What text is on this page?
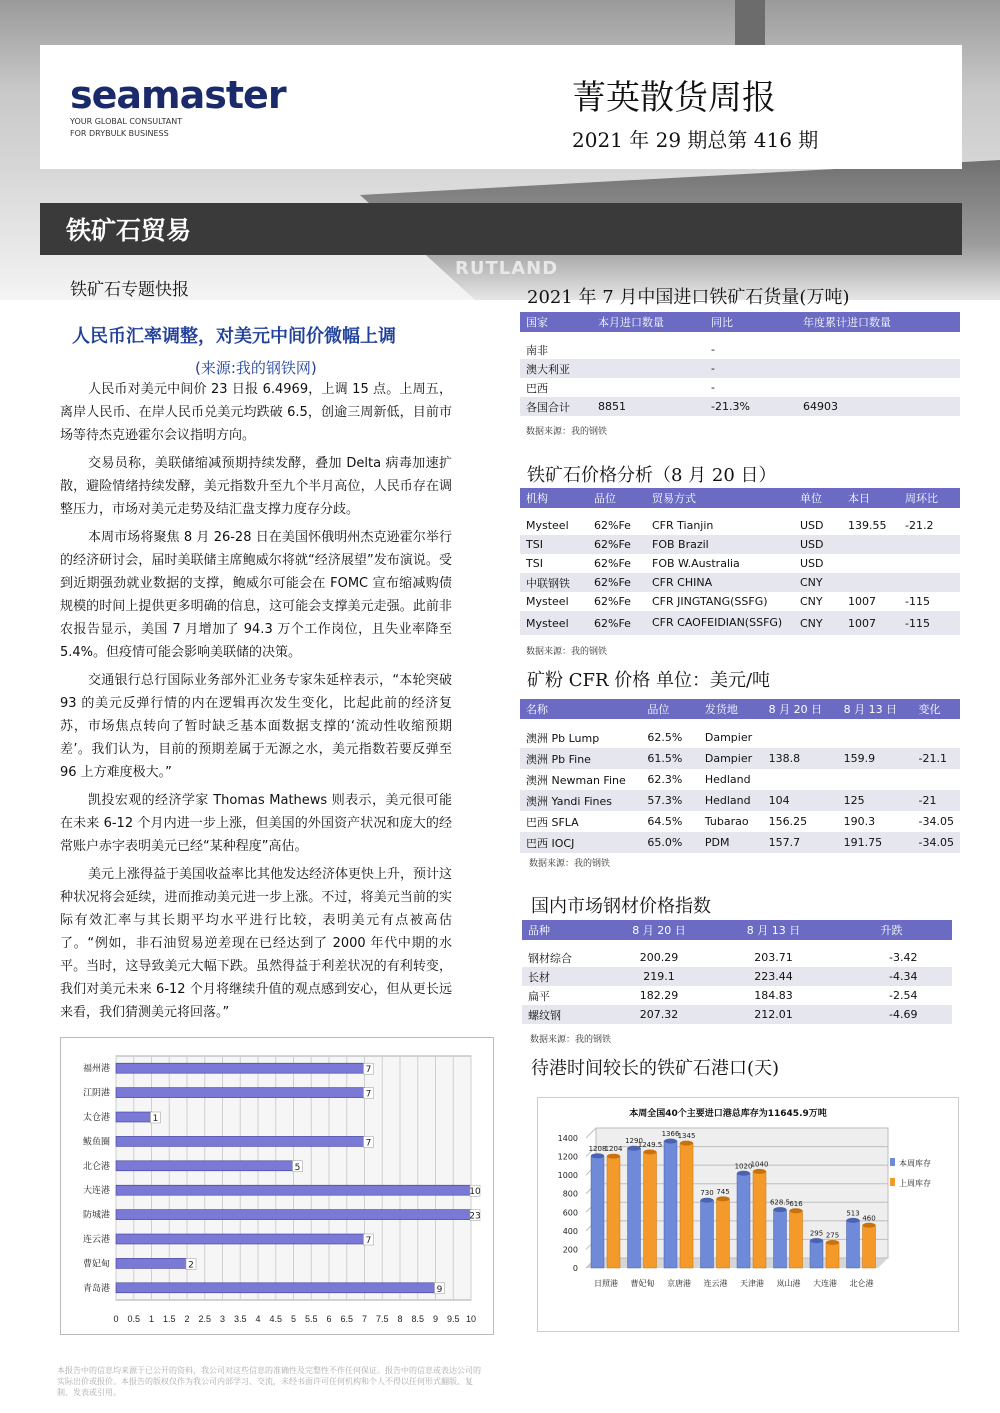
RUTLAND
seamaster
YOUR GLOBAL CONSULTANT
FOR DRYBULK BUSINESS
菁英散货周报
2021 年 29 期总第 416 期
铁矿石贸易
铁矿石专题快报
人民币汇率调整，对美元中间价微幅上调
(来源:我的钢铁网)

人民币对美元中间价 23 日报 6.4969，上调 15 点。上周五，离岸人民币、在岸人民币兑美元均跌破 6.5，创逾三周新低，目前市场等待杰克逊霍尔会议指明方向。

交易员称，美联储缩减预期持续发酵，叠加 Delta 病毒加速扩散，避险情绪持续发酵，美元指数升至九个半月高位，人民币存在调整压力，市场对美元走势及结汇盘支撑力度存分歧。

本周市场将聚焦 8 月 26-28 日在美国怀俄明州杰克逊霍尔举行的经济研讨会，届时美联储主席鲍威尔将就“经济展望”发布演说。受到近期强劲就业数据的支撑，鲍威尔可能会在 FOMC 宣布缩减购债规模的时间上提供更多明确的信息，这可能会支撑美元走强。此前非农报告显示，美国 7 月增加了 94.3 万个工作岗位，且失业率降至 5.4%。但疫情可能会影响美联储的决策。

交通银行总行国际业务部外汇业务专家朱延梓表示，“本轮突破 93 的美元反弹行情的内在逻辑再次发生变化，比起此前的经济复苏，市场焦点转向了暂时缺乏基本面数据支撑的‘流动性收缩预期差’。我们认为，目前的预期差属于无源之水，美元指数若要反弹至 96 上方难度极大。”

凯投宏观的经济学家 Thomas Mathews 则表示，美元很可能在未来 6-12 个月内进一步上涨，但美国的外国资产状况和庞大的经常账户赤字表明美元已经“某种程度”高估。

美元上涨得益于美国收益率比其他发达经济体更快上升，预计这种状况将会延续，进而推动美元进一步上涨。不过，将美元当前的实际有效汇率与其长期平均水平进行比较，表明美元有点被高估了。“例如，非石油贸易逆差现在已经达到了 2000 年代中期的水平。当时，这导致美元大幅下跌。虽然得益于利差状况的有利转变，我们对美元未来 6-12 个月将继续升值的观点感到安心，但从更长远来看，我们猜测美元将回落。”

2021 年 7 月中国进口铁矿石货量(万吨)
国家	本月进口数量	同比	年度累计进口数量

南非		-	
澳大利亚		-	
巴西		-	
各国合计	8851	-21.3%	64903
数据来源：我的钢铁
铁矿石价格分析（8 月 20 日）
机构	品位	贸易方式	单位	本日	周环比

Mysteel	62%Fe	CFR Tianjin	USD	139.55	-21.2
TSI	62%Fe	FOB Brazil	USD		
TSI	62%Fe	FOB W.Australia	USD		
中联钢铁	62%Fe	CFR CHINA	CNY		
Mysteel	62%Fe	CFR JINGTANG(SSFG)	CNY	1007	-115
Mysteel	62%Fe	CFR CAOFEIDIAN(SSFG)	CNY	1007	-115
数据来源：我的钢铁
矿粉 CFR 价格 单位：美元/吨
名称	品位	发货地	8 月 20 日	8 月 13 日	变化

澳洲 Pb Lump	62.5%	Dampier			
澳洲 Pb Fine	61.5%	Dampier	138.8	159.9	-21.1
澳洲 Newman Fine	62.3%	Hedland			
澳洲 Yandi Fines	57.3%	Hedland	104	125	-21
巴西 SFLA	64.5%	Tubarao	156.25	190.3	-34.05
巴西 IOCJ	65.0%	PDM	157.7	191.75	-34.05
数据来源：我的钢铁
国内市场钢材价格指数
品种	8 月 20 日	8 月 13 日	升跌

钢材综合	200.29	203.71	-3.42
长材	219.1	223.44	-4.34
扁平	182.29	184.83	-2.54
螺纹钢	207.32	212.01	-4.69
数据来源：我的钢铁
待港时间较长的铁矿石港口(天)
0 0.5 1 1.5 2 2.5 3 3.5 4 4.5 5 5.5 6 6.5 7 7.5 8 8.5 9 9.5 10
福州港	7
江阴港	7
太仓港	1
鲅鱼圈	7
北仑港	5
大连港	10
防城港	23
连云港	7
曹妃甸	2
青岛港	9
本周全国40个主要进口港总库存为11645.9万吨
0
200
400
600
800
1000
1200
1400
1208
1204
日照港
1290
1249.5
曹妃甸
1366
1345
京唐港
730 745
连云港
1020
1040
天津港
628.5 616
岚山港
295 275
大连港
513
460
北仑港
本周库存
上周库存
本报告中的信息均来源于已公开的资料，我公司对这些信息的准确性及完整性不作任何保证。报告中的信息或表达公司的实际出价或报价。本报告的版权仅作为我公司内部学习、交流，未经书面许可任何机构和个人不得以任何形式翻版、复制、发表或引用。
